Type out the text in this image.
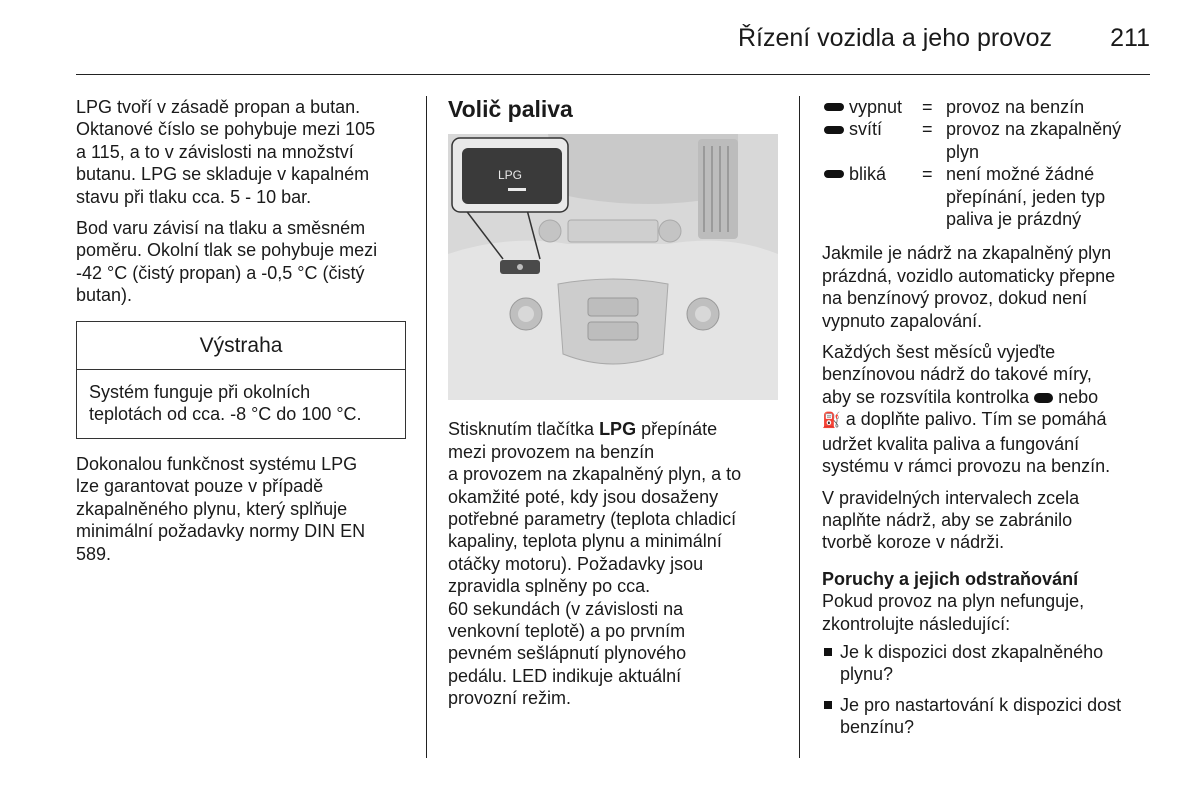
Řízení vozidla a jeho provoz 211

LPG tvoří v zásadě propan a butan.
Oktanové číslo se pohybuje mezi 105
a 115, a to v závislosti na množství
butanu. LPG se skladuje v kapalném
stavu při tlaku cca. 5 - 10 bar.

Bod varu závisí na tlaku a směsném
poměru. Okolní tlak se pohybuje mezi
-42 °C (čistý propan) a -0,5 °C (čistý
butan).

Výstraha
Systém funguje při okolních
teplotách od cca. -8 °C do 100 °C.

Dokonalou funkčnost systému LPG
lze garantovat pouze v případě
zkapalněného plynu, který splňuje
minimální požadavky normy DIN EN
589.

Volič paliva
LPG

Stisknutím tlačítka LPG přepínáte
mezi provozem na benzín
a provozem na zkapalněný plyn, a to
okamžité poté, kdy jsou dosaženy
potřebné parametry (teplota chladicí
kapaliny, teplota plynu a minimální
otáčky motoru). Požadavky jsou
zpravidla splněny po cca.
60 sekundách (v závislosti na
venkovní teplotě) a po prvním
pevném sešlápnutí plynového
pedálu. LED indikuje aktuální
provozní režim.

vypnut = provoz na benzín
svítí = provoz na zkapalněný
plyn
bliká = není možné žádné
přepínání, jeden typ
paliva je prázdný

Jakmile je nádrž na zkapalněný plyn
prázdná, vozidlo automaticky přepne
na benzínový provoz, dokud není
vypnuto zapalování.

Každých šest měsíců vyjeďte
benzínovou nádrž do takové míry,
aby se rozsvítila kontrolka  nebo
⛽ a doplňte palivo. Tím se pomáhá
udržet kvalita paliva a fungování
systému v rámci provozu na benzín.

V pravidelných intervalech zcela
naplňte nádrž, aby se zabránilo
tvorbě koroze v nádrži.

Poruchy a jejich odstraňování

Pokud provoz na plyn nefunguje,
zkontrolujte následující:

Je k dispozici dost zkapalněného
plynu?
Je pro nastartování k dispozici dost
benzínu?
